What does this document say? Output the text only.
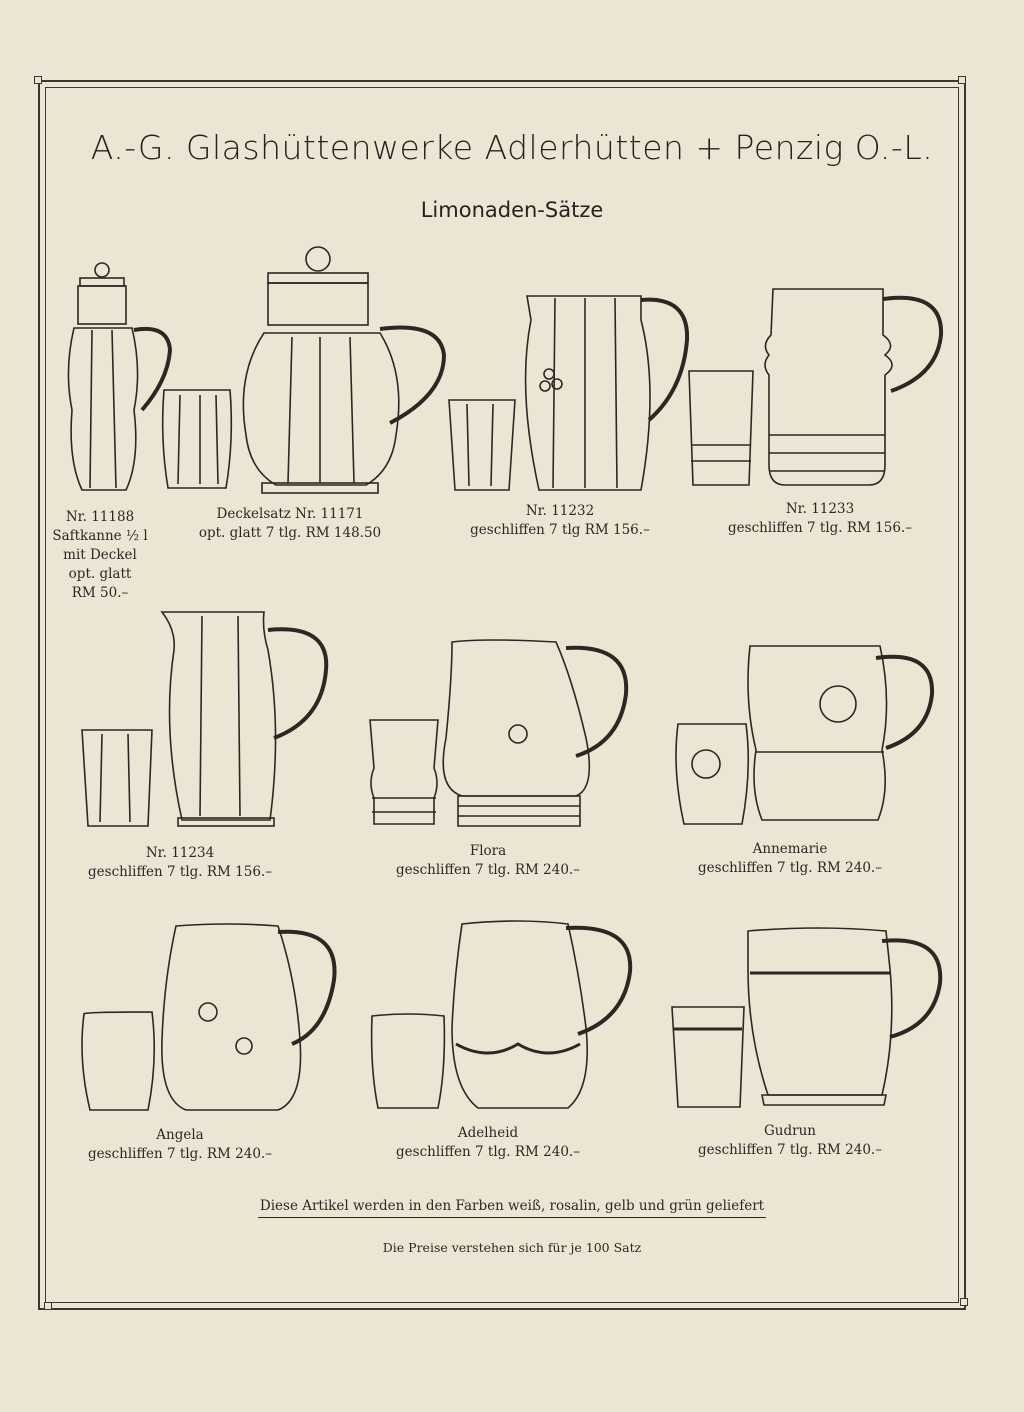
A.-G. Glashüttenwerke Adlerhütten + Penzig O.-L.
Limonaden-Sätze
Nr. 11188
Saftkanne ½ l
mit Deckel
opt. glatt
RM 50.–
Deckelsatz Nr. 11171
opt. glatt 7 tlg. RM 148.50
Nr. 11232
geschliffen 7 tlg RM 156.–
Nr. 11233
geschliffen 7 tlg. RM 156.–
Nr. 11234
geschliffen 7 tlg. RM 156.–
Flora
geschliffen 7 tlg. RM 240.–
Annemarie
geschliffen 7 tlg. RM 240.–
Angela
geschliffen 7 tlg. RM 240.–
Adelheid
geschliffen 7 tlg. RM 240.–
Gudrun
geschliffen 7 tlg. RM 240.–
Diese Artikel werden in den Farben weiß, rosalin, gelb und grün geliefert
Die Preise verstehen sich für je 100 Satz
